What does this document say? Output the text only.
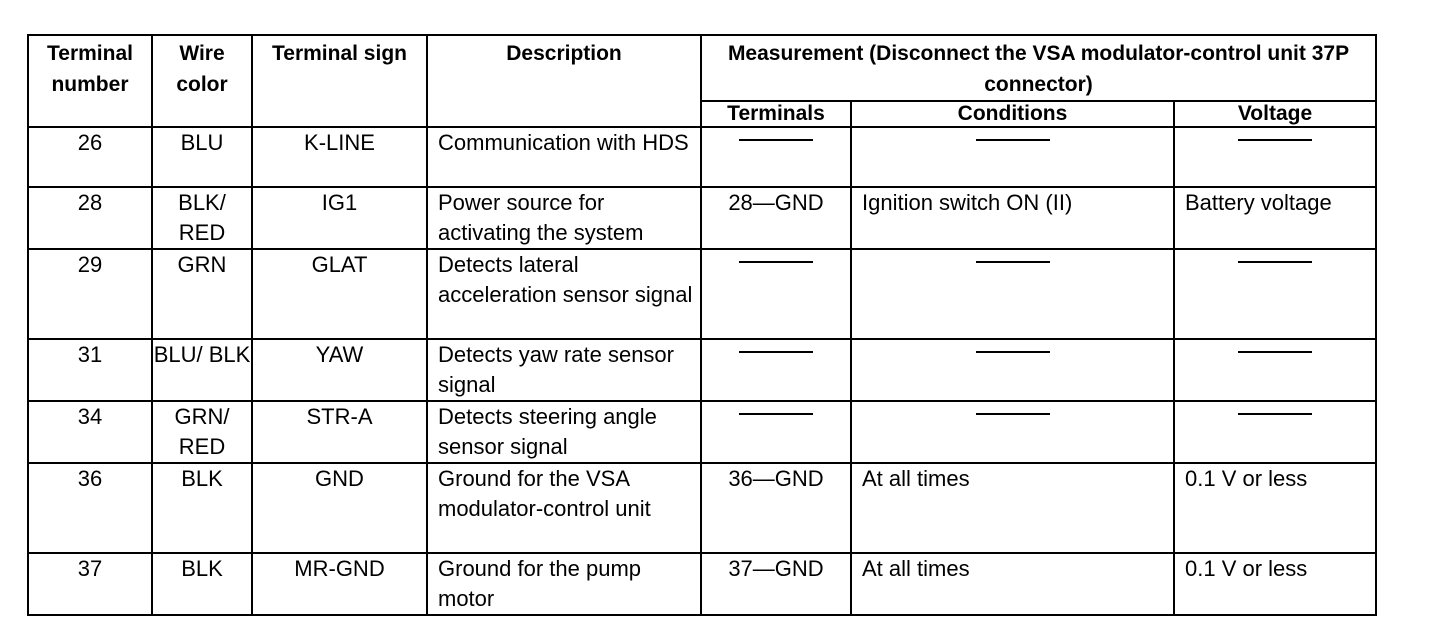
Terminal number	Wire color	Terminal sign	Description	Measurement (Disconnect the VSA modulator-control unit 37P connector)		
				Terminals	Conditions	Voltage
26	BLU	K-LINE	Communication with HDS	

28	BLK/ RED	IG1	Power source for activating the system	28—GND	Ignition switch ON (II)	Battery voltage
29	GRN	GLAT	Detects lateral acceleration sensor signal	

31	BLU/ BLK	YAW	Detects yaw rate sensor signal	

34	GRN/ RED	STR-A	Detects steering angle sensor signal	

36	BLK	GND	Ground for the VSA modulator-control unit	36—GND	At all times	0.1 V or less
37	BLK	MR-GND	Ground for the pump motor	37—GND	At all times	0.1 V or less
